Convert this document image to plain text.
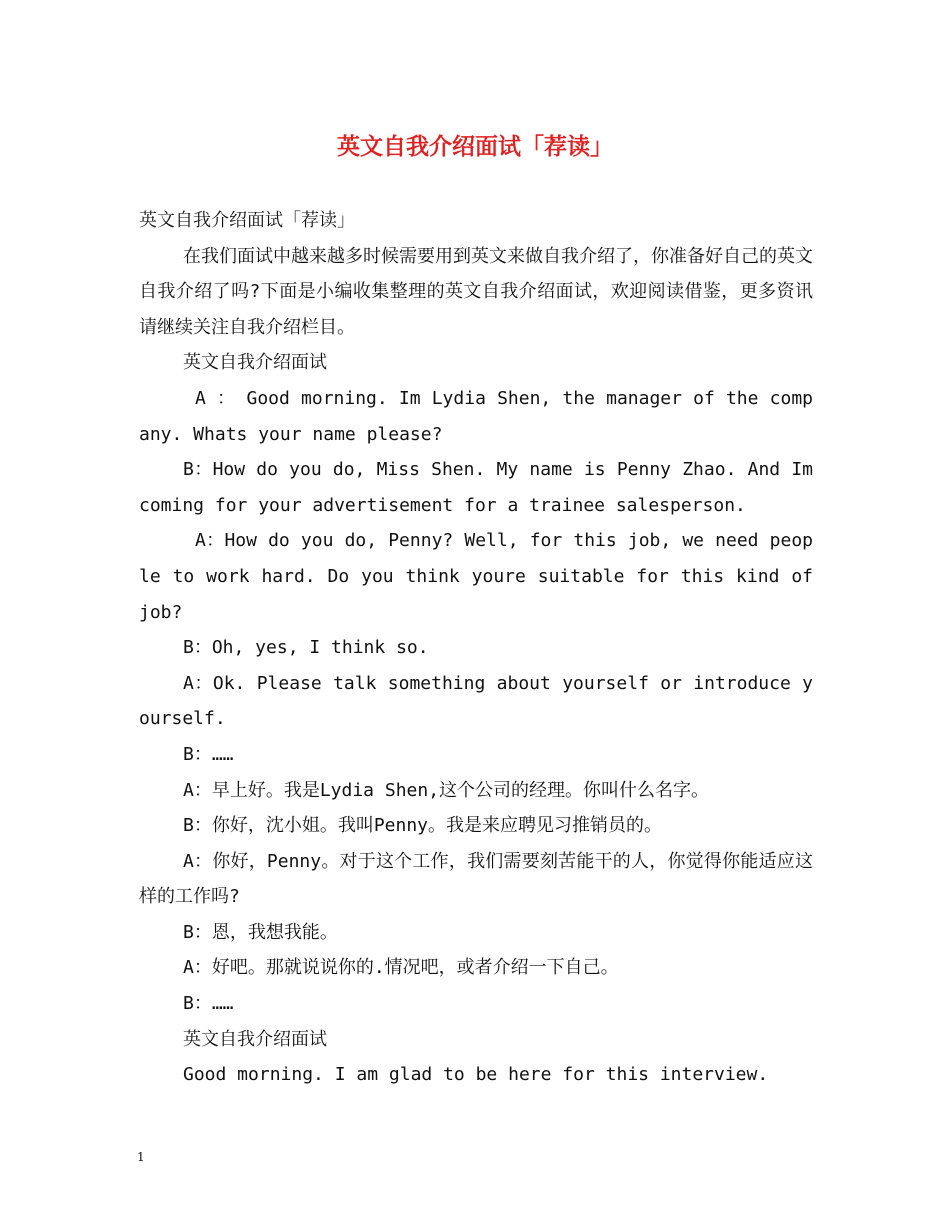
英文自我介绍面试「荐读」

英文自我介绍面试「荐读」

在我们面试中越来越多时候需要用到英文来做自我介绍了，你准备好自己的英文自我介绍了吗?下面是小编收集整理的英文自我介绍面试，欢迎阅读借鉴，更多资讯请继续关注自我介绍栏目。

英文自我介绍面试

A ： Good morning. Im Lydia Shen, the manager of the company. Whats your name please?

B：How do you do, Miss Shen. My name is Penny Zhao. And Im coming for your advertisement for a trainee salesperson.

A：How do you do, Penny? Well, for this job, we need people to work hard. Do you think youre suitable for this kind of job?

B：Oh, yes, I think so.

A：Ok. Please talk something about yourself or introduce yourself.

B：……

A：早上好。我是Lydia Shen,这个公司的经理。你叫什么名字。

B：你好，沈小姐。我叫Penny。我是来应聘见习推销员的。

A：你好，Penny。对于这个工作，我们需要刻苦能干的人，你觉得你能适应这样的工作吗?

B：恩，我想我能。

A：好吧。那就说说你的.情况吧，或者介绍一下自己。

B：……

英文自我介绍面试

Good morning. I am glad to be here for this interview.

1
